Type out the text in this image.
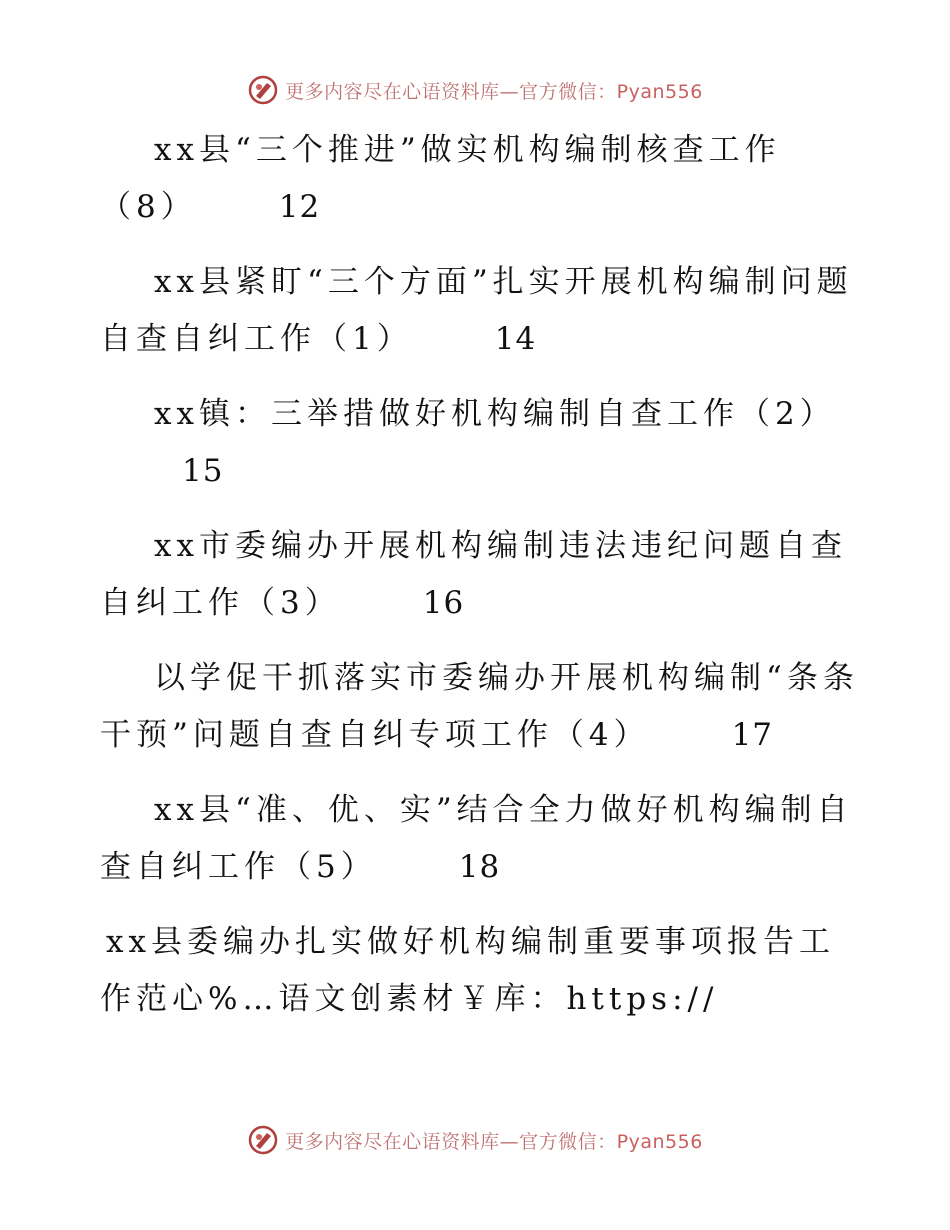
更多内容尽在心语资料库—官方微信：Pyan556

xx县“三个推进”做实机构编制核查工作（8）	12

xx县紧盯“三个方面”扎实开展机构编制问题自查自纠工作（1）	14

xx镇：三举措做好机构编制自查工作（2）15

xx市委编办开展机构编制违法违纪问题自查自纠工作（3）	16

以学促干抓落实市委编办开展机构编制“条条干预”问题自查自纠专项工作（4）	17

xx县“准、优、实”结合全力做好机构编制自查自纠工作（5）	18

xx县委编办扎实做好机构编制重要事项报告工作范心%…语文创素材￥库：https://

更多内容尽在心语资料库—官方微信：Pyan556
